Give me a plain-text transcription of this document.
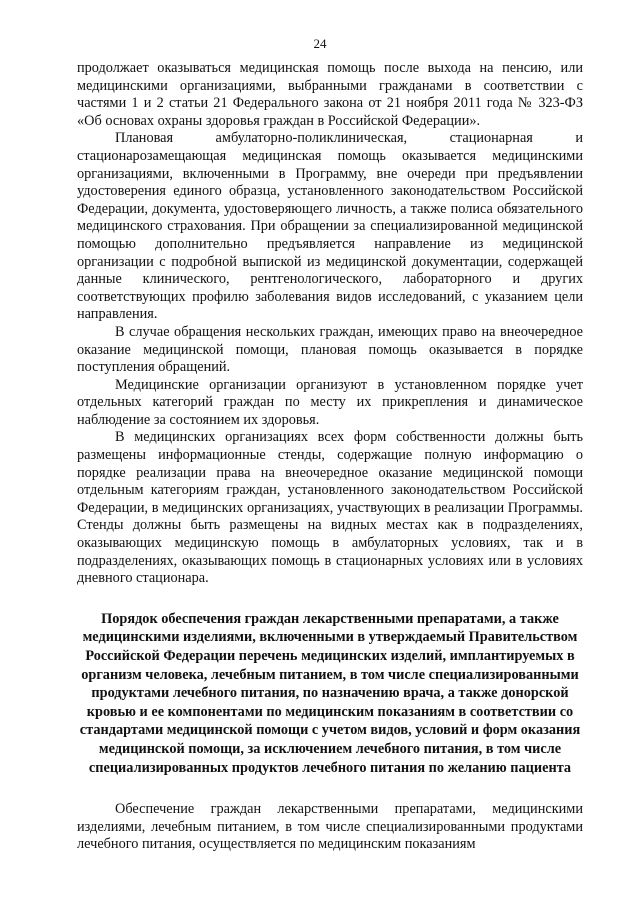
24

продолжает оказываться медицинская помощь после выхода на пенсию, или медицинскими организациями, выбранными гражданами в соответствии с частями 1 и 2 статьи 21 Федерального закона от 21 ноября 2011 года № 323-ФЗ «Об основах охраны здоровья граждан в Российской Федерации».

Плановая амбулаторно-поликлиническая, стационарная и стационарозамещающая медицинская помощь оказывается медицинскими организациями, включенными в Программу, вне очереди при предъявлении удостоверения единого образца, установленного законодательством Российской Федерации, документа, удостоверяющего личность, а также полиса обязательного медицинского страхования. При обращении за специализированной медицинской помощью дополнительно предъявляется направление из медицинской организации с подробной выпиской из медицинской документации, содержащей данные клинического, рентгенологического, лабораторного и других соответствующих профилю заболевания видов исследований, с указанием цели направления.

В случае обращения нескольких граждан, имеющих право на внеочередное оказание медицинской помощи, плановая помощь оказывается в порядке поступления обращений.

Медицинские организации организуют в установленном порядке учет отдельных категорий граждан по месту их прикрепления и динамическое наблюдение за состоянием их здоровья.

В медицинских организациях всех форм собственности должны быть размещены информационные стенды, содержащие полную информацию о порядке реализации права на внеочередное оказание медицинской помощи отдельным категориям граждан, установленного законодательством Российской Федерации, в медицинских организациях, участвующих в реализации Программы. Стенды должны быть размещены на видных местах как в подразделениях, оказывающих медицинскую помощь в амбулаторных условиях, так и в подразделениях, оказывающих помощь в стационарных условиях или в условиях дневного стационара.

Порядок обеспечения граждан лекарственными препаратами, а также медицинскими изделиями, включенными в утверждаемый Правительством Российской Федерации перечень медицинских изделий, имплантируемых в организм человека, лечебным питанием, в том числе специализированными продуктами лечебного питания, по назначению врача, а также донорской кровью и ее компонентами по медицинским показаниям в соответствии со стандартами медицинской помощи с учетом видов, условий и форм оказания медицинской помощи, за исключением лечебного питания, в том числе специализированных продуктов лечебного питания по желанию пациента

Обеспечение граждан лекарственными препаратами, медицинскими изделиями, лечебным питанием, в том числе специализированными продуктами лечебного питания, осуществляется по медицинским показаниям
